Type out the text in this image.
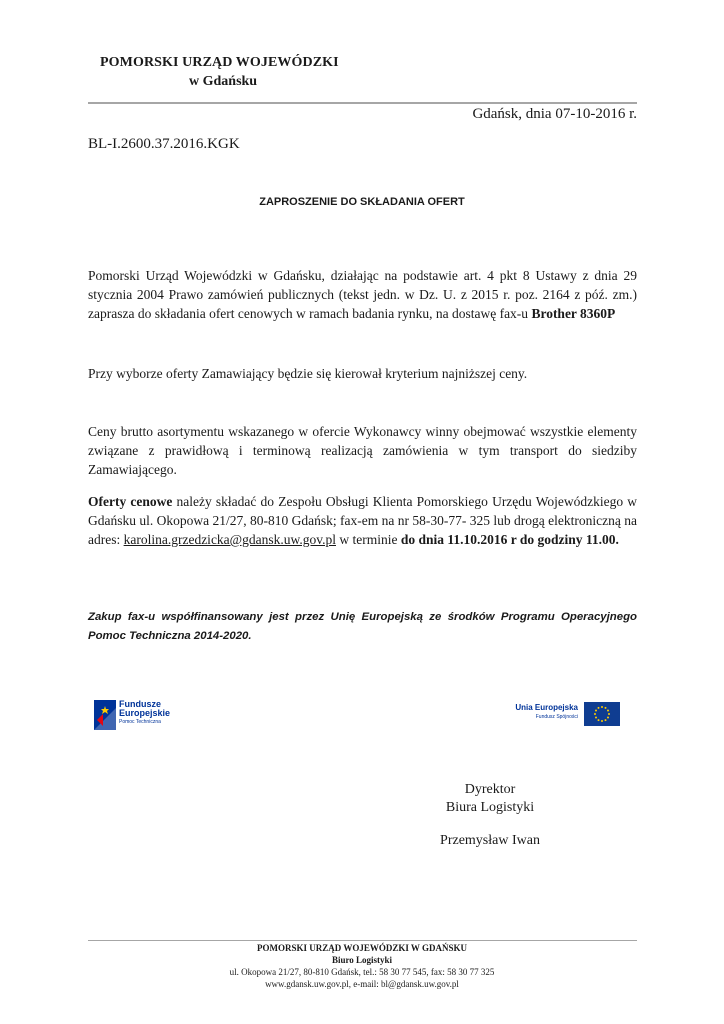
POMORSKI URZĄD WOJEWÓDZKI
w Gdańsku
Gdańsk, dnia 07-10-2016 r.
BL-I.2600.37.2016.KGK
ZAPROSZENIE DO SKŁADANIA OFERT
Pomorski Urząd Wojewódzki w Gdańsku, działając na podstawie art. 4 pkt 8 Ustawy z dnia 29
stycznia 2004 Prawo zamówień publicznych (tekst jedn. w Dz. U. z 2015 r. poz. 2164 z póź. zm.)
zaprasza do składania ofert cenowych w ramach badania rynku, na dostawę fax-u Brother 8360P
Przy wyborze oferty Zamawiający będzie się kierował kryterium najniższej ceny.
Ceny brutto asortymentu wskazanego w ofercie Wykonawcy winny obejmować wszystkie elementy
związane z prawidłową i terminową realizacją zamówienia w tym transport do siedziby
Zamawiającego.
Oferty cenowe należy składać do Zespołu Obsługi Klienta Pomorskiego Urzędu Wojewódzkiego w
Gdańsku ul. Okopowa 21/27, 80-810 Gdańsk; fax-em na nr 58-30-77- 325 lub drogą elektroniczną na
adres: karolina.grzedzicka@gdansk.uw.gov.pl w terminie do dnia 11.10.2016 r do godziny 11.00.
Zakup fax-u współfinansowany jest przez Unię Europejską ze środków Programu Operacyjnego
Pomoc Techniczna 2014-2020.
Fundusze
Europejskie
Pomoc Techniczna
Unia Europejska
Fundusz Spójności
Dyrektor
Biura Logistyki
Przemysław Iwan
POMORSKI URZĄD WOJEWÓDZKI W GDAŃSKU
Biuro Logistyki
ul. Okopowa 21/27, 80-810 Gdańsk, tel.: 58 30 77 545, fax: 58 30 77 325
www.gdansk.uw.gov.pl, e-mail: bl@gdansk.uw.gov.pl
